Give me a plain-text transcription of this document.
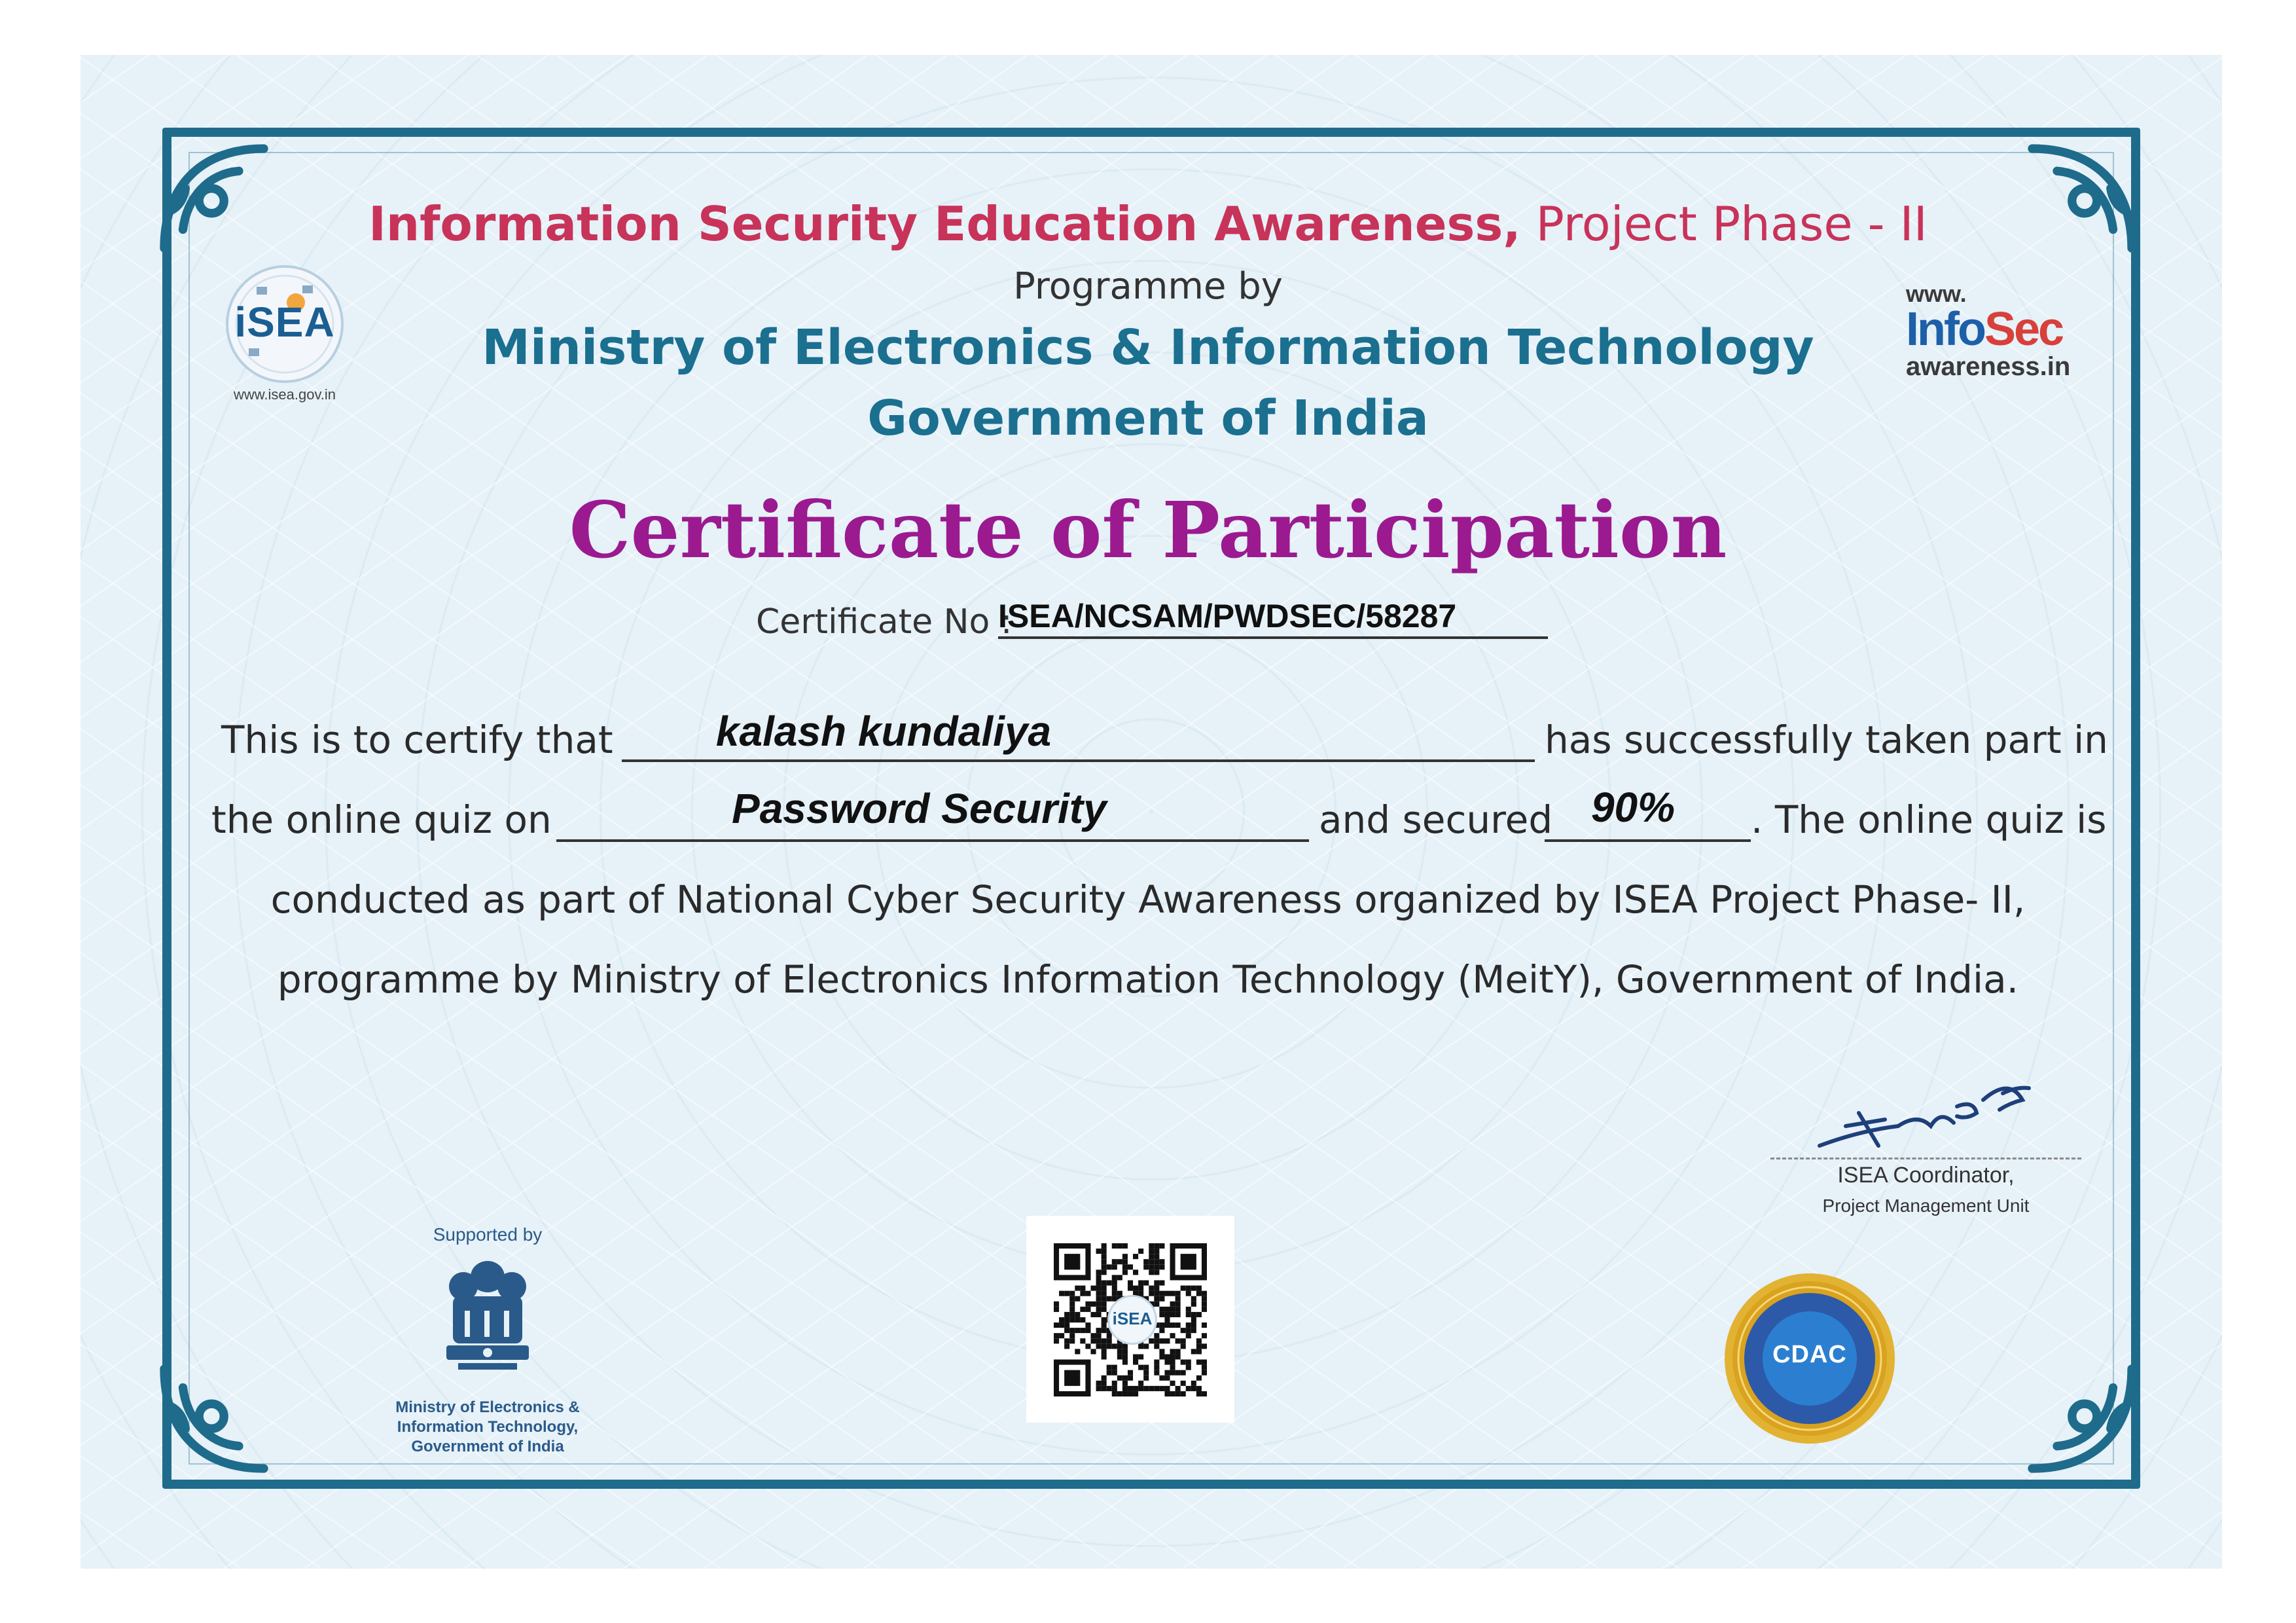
iSEA
www.isea.gov.in
www.
InfoSec
awareness.in
Information Security Education Awareness, Project Phase - II
Programme by
Ministry of Electronics & Information Technology
Government of India
Certificate of Participation
Certificate No :
ISEA/NCSAM/PWDSEC/58287
This is to certify that	kalash kundaliya	has successfully taken part in
the online quiz on	Password Security	and secured 90%	. The online quiz is
conducted as part of National Cyber Security Awareness organized by ISEA Project Phase- II,
programme by Ministry of Electronics Information Technology (MeitY), Government of India.
ISEA Coordinator,
Project Management Unit
Supported by
Ministry of Electronics &
Information Technology,
Government of India
iSEA
CDAC
